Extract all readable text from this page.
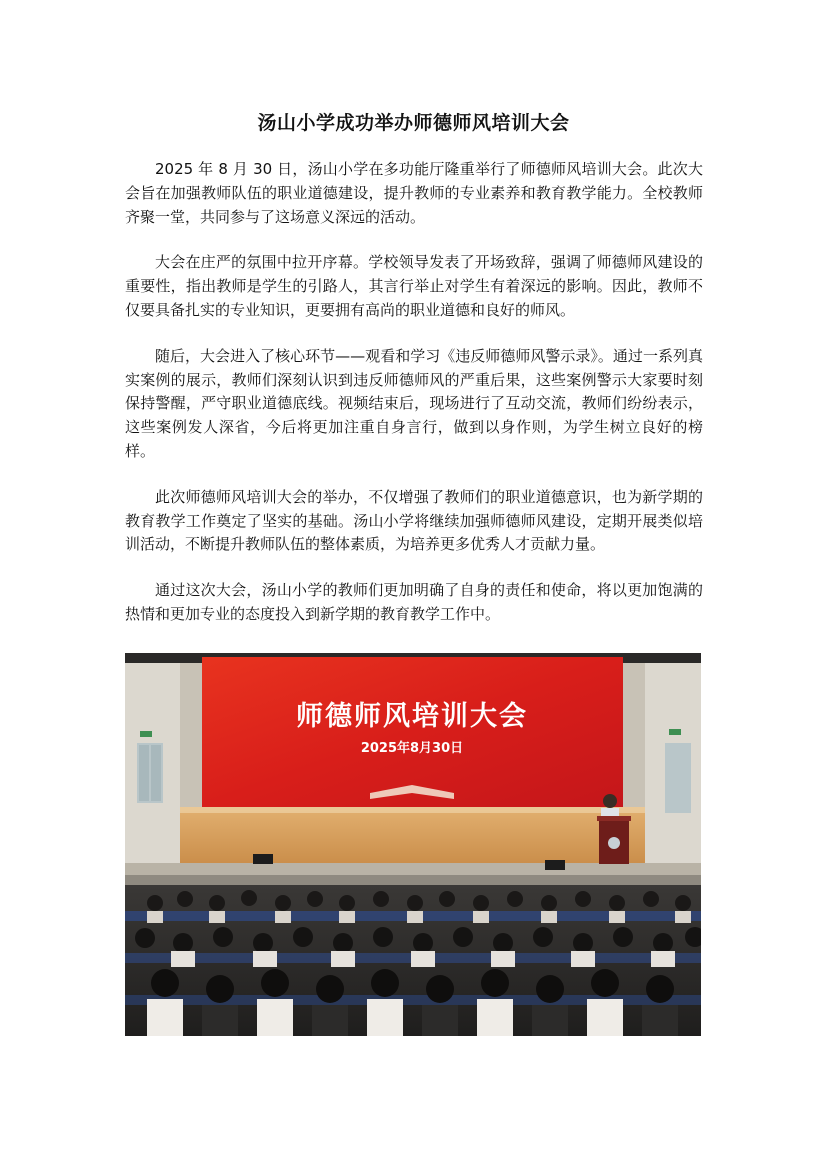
汤山小学成功举办师德师风培训大会

2025 年 8 月 30 日，汤山小学在多功能厅隆重举行了师德师风培训大会。此次大会旨在加强教师队伍的职业道德建设，提升教师的专业素养和教育教学能力。全校教师齐聚一堂，共同参与了这场意义深远的活动。

大会在庄严的氛围中拉开序幕。学校领导发表了开场致辞，强调了师德师风建设的重要性，指出教师是学生的引路人，其言行举止对学生有着深远的影响。因此，教师不仅要具备扎实的专业知识，更要拥有高尚的职业道德和良好的师风。

随后，大会进入了核心环节——观看和学习《违反师德师风警示录》。通过一系列真实案例的展示，教师们深刻认识到违反师德师风的严重后果，这些案例警示大家要时刻保持警醒，严守职业道德底线。视频结束后，现场进行了互动交流，教师们纷纷表示，这些案例发人深省，今后将更加注重自身言行，做到以身作则，为学生树立良好的榜样。

此次师德师风培训大会的举办，不仅增强了教师们的职业道德意识，也为新学期的教育教学工作奠定了坚实的基础。汤山小学将继续加强师德师风建设，定期开展类似培训活动，不断提升教师队伍的整体素质，为培养更多优秀人才贡献力量。

通过这次大会，汤山小学的教师们更加明确了自身的责任和使命，将以更加饱满的热情和更加专业的态度投入到新学期的教育教学工作中。

师德师风培训大会
2025年8月30日
